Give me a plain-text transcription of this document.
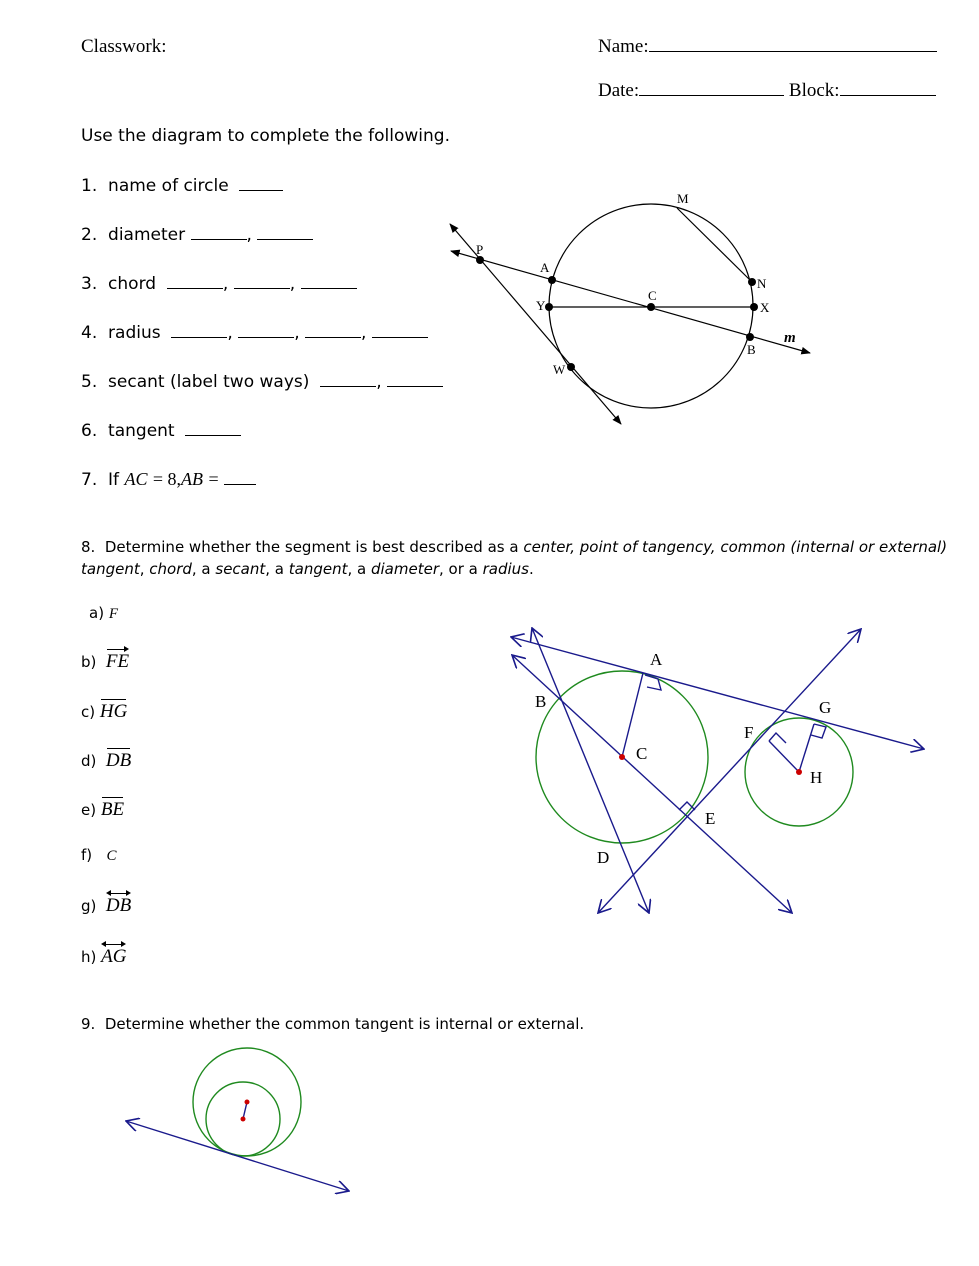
Classwork:	Name:
Date:	Block:
Use the diagram to complete the following.
1. name of circle
2. diameter	,
3. chord	,	,
4. radius	,	,	,
5. secant (label two ways)	,
6. tangent
7. If AC = 8,AB =
M
P
A
N
C
Y	X
B
W
m
8. Determine whether the segment is best described as a center, point of tangency, common (internal or external)
tangent, chord, a secant, a tangent, a diameter, or a radius.
a) F
b) FE
c) HG
d) DB
e) BE
f) C
g) DB
h) AG
A
B
C
D
E
F
G
H
9. Determine whether the common tangent is internal or external.
